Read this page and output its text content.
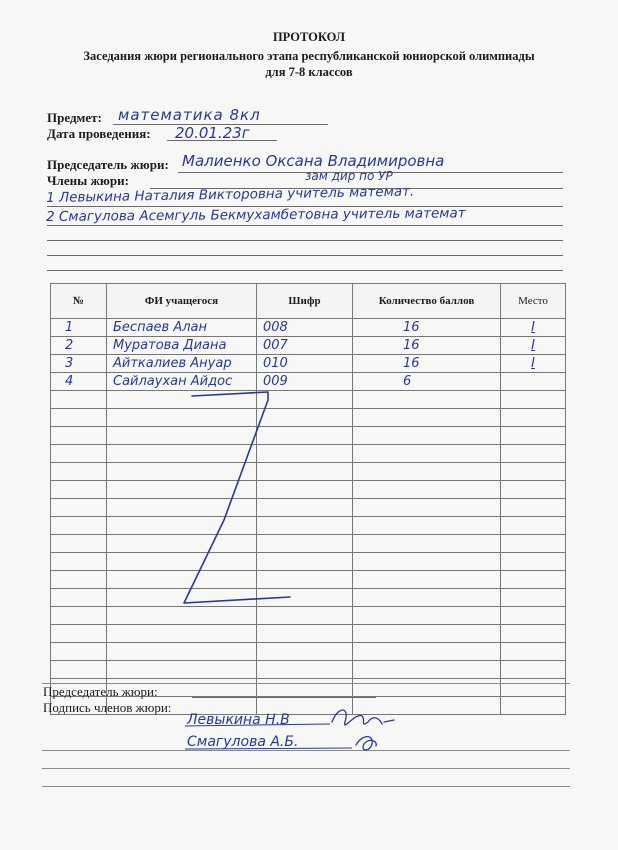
ПРОТОКОЛ
Заседания жюри регионального этапа республиканской юниорской олимпиады
для 7-8 классов
Предмет: математика 8кл
Дата проведения: 20.01.23г
Председатель жюри: Малиенко Оксана Владимировна
зам дир по УР
Члены жюри:
1 Левыкина Наталия Викторовна учитель математ.
2 Смагулова Асемгуль Бекмухамбетовна учитель математ
№	ФИ учащегося	Шифр	Количество баллов	Место
1	Беспаев Алан	008	16	I
2	Муратова Диана	007	16	I
3	Айткалиев Ануар	010	16	I
4	Сайлаухан Айдос	009	6	

Председатель жюри:
Подпись членов жюри:
Левыкина Н.В
Смагулова А.Б.
